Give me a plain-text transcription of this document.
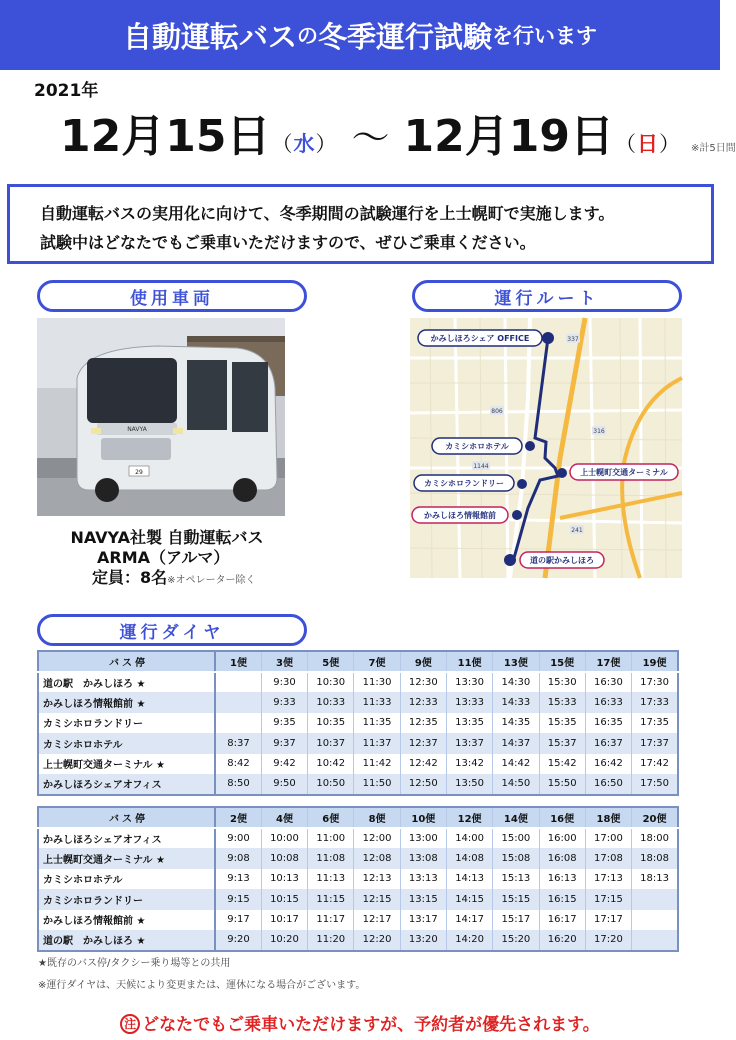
自動運転バス の 冬季運行試験 を行います
2021年
12月15日 （ 水 ） 〜 12月19日 （ 日 ） ※計5日間
自動運転バスの実用化に向けて、冬季期間の試験運行を上士幌町で実施します。
試験中はどなたでもご乗車いただけますので、ぜひご乗車ください。
使用車両	運行ルート
運行ダイヤ
29
NAVYA
NAVYA社製 自動運転バス
ARMA（アルマ）
定員：8名※オペレーター除く
337
806
316
1144
241
かみしほろシェア OFFICE
カミシホロホテル
カミシホロランドリー
かみしほろ情報館前
道の駅かみしほろ
上士幌町交通ターミナル
バス停	1便	3便	5便	7便	9便	11便	13便	15便	17便	19便
道の駅　かみしほろ ★		9:30	10:30	11:30	12:30	13:30	14:30	15:30	16:30	17:30
かみしほろ情報館前 ★		9:33	10:33	11:33	12:33	13:33	14:33	15:33	16:33	17:33
カミシホロランドリー		9:35	10:35	11:35	12:35	13:35	14:35	15:35	16:35	17:35
カミシホロホテル	8:37	9:37	10:37	11:37	12:37	13:37	14:37	15:37	16:37	17:37
上士幌町交通ターミナル ★	8:42	9:42	10:42	11:42	12:42	13:42	14:42	15:42	16:42	17:42
かみしほろシェアオフィス	8:50	9:50	10:50	11:50	12:50	13:50	14:50	15:50	16:50	17:50
バス停	2便	4便	6便	8便	10便	12便	14便	16便	18便	20便
かみしほろシェアオフィス	9:00	10:00	11:00	12:00	13:00	14:00	15:00	16:00	17:00	18:00
上士幌町交通ターミナル ★	9:08	10:08	11:08	12:08	13:08	14:08	15:08	16:08	17:08	18:08
カミシホロホテル	9:13	10:13	11:13	12:13	13:13	14:13	15:13	16:13	17:13	18:13
カミシホロランドリー	9:15	10:15	11:15	12:15	13:15	14:15	15:15	16:15	17:15	
かみしほろ情報館前 ★	9:17	10:17	11:17	12:17	13:17	14:17	15:17	16:17	17:17	
道の駅　かみしほろ ★	9:20	10:20	11:20	12:20	13:20	14:20	15:20	16:20	17:20	
★既存のバス停/タクシー乗り場等との共用
※運行ダイヤは、天候により変更または、運休になる場合がございます。
注 どなたでもご乗車いただけますが、予約者が優先されます。
